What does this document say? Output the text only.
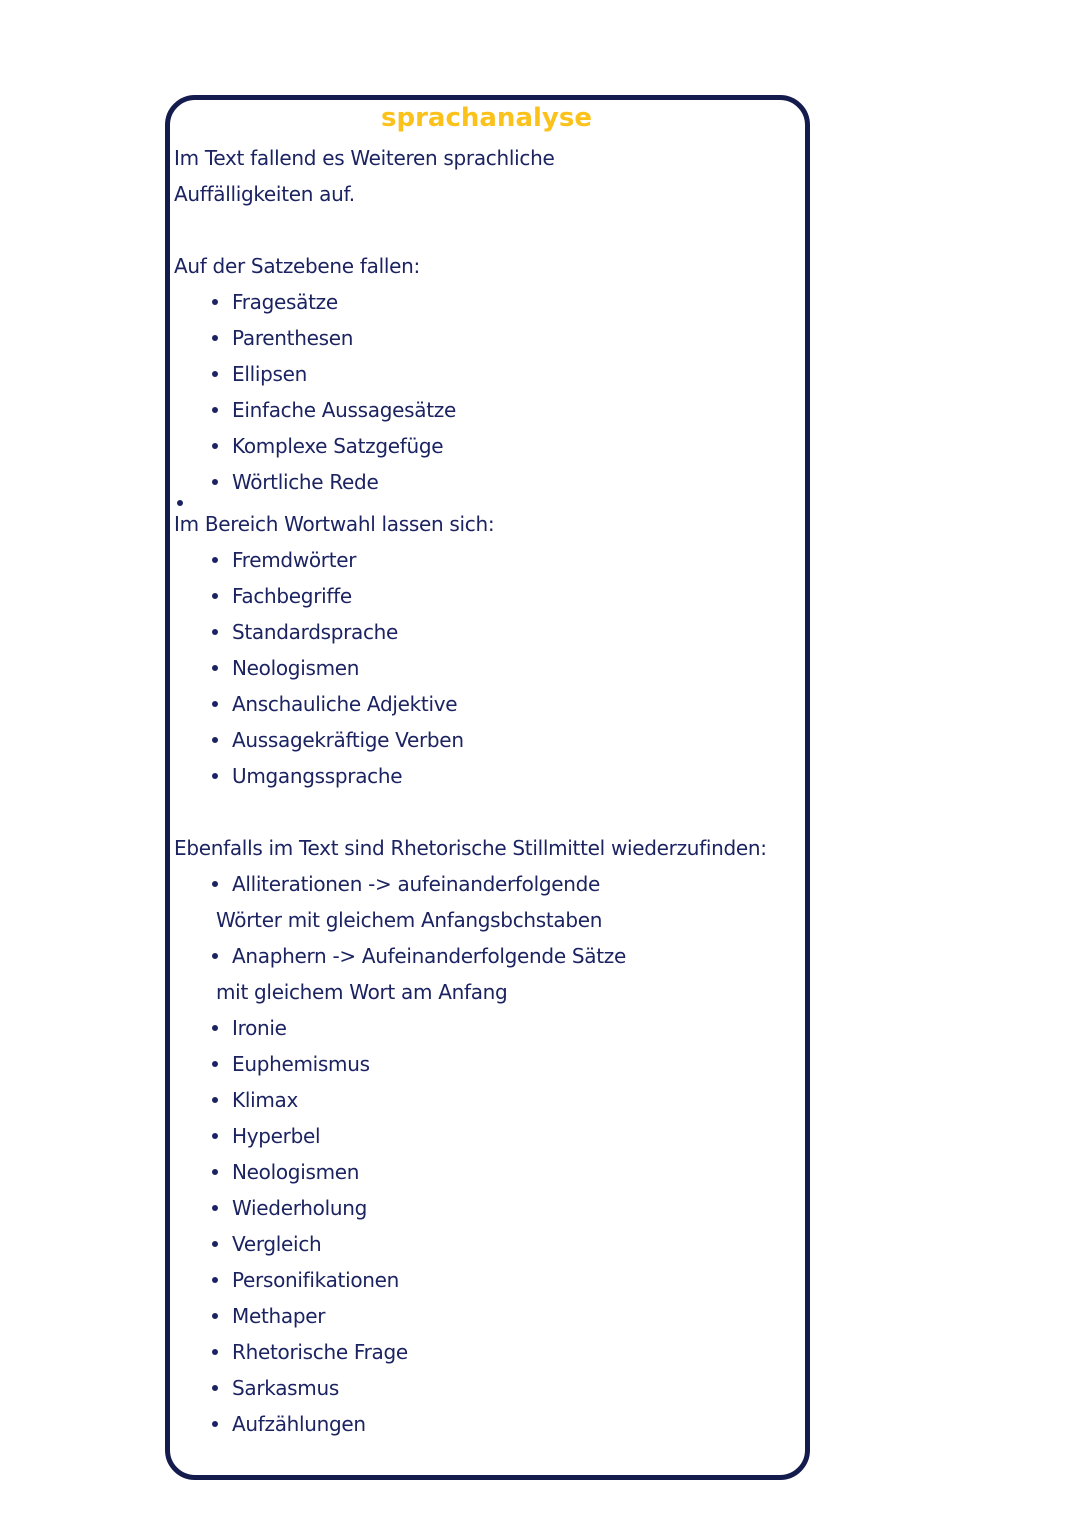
sprachanalyse
Im Text fallend es Weiteren sprachliche
Auffälligkeiten auf.
Auf der Satzebene fallen:
Fragesätze
Parenthesen
Ellipsen
Einfache Aussagesätze
Komplexe Satzgefüge
Wörtliche Rede
Im Bereich Wortwahl lassen sich:
Fremdwörter
Fachbegriffe
Standardsprache
Neologismen
Anschauliche Adjektive
Aussagekräftige Verben
Umgangssprache
Ebenfalls im Text sind Rhetorische Stillmittel wiederzufinden:
Alliterationen -> aufeinanderfolgende
Wörter mit gleichem Anfangsbchstaben
Anaphern -> Aufeinanderfolgende Sätze
mit gleichem Wort am Anfang
Ironie
Euphemismus
Klimax
Hyperbel
Neologismen
Wiederholung
Vergleich
Personifikationen
Methaper
Rhetorische Frage
Sarkasmus
Aufzählungen
